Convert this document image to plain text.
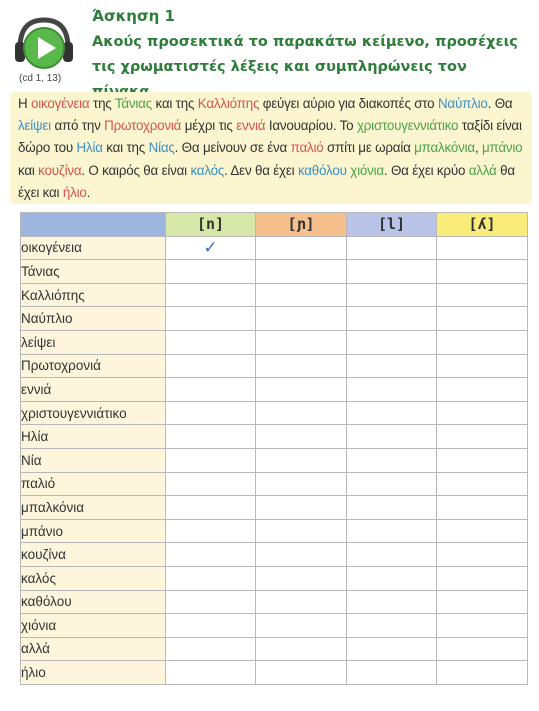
(cd 1, 13)
Άσκηση 1
Ακούς προσεκτικά το παρακάτω κείμενο, προσέχεις
τις χρωματιστές λέξεις και συμπληρώνεις τον
Η οικογένεια της Τάνιας και της Καλλιόπης φεύγει αύριο για διακοπές στο Ναύπλιο. Θα λείψει από την Πρωτοχρονιά μέχρι τις εννιά Ιανουαρίου. Το χριστουγεννιάτικο ταξίδι είναι δώρο του Ηλία και της Νίας. Θα μείνουν σε ένα παλιό σπίτι με ωραία μπαλκόνια, μπάνιο και κουζίνα. Ο καιρός θα είναι καλός. Δεν θα έχει καθόλου χιόνια. Θα έχει κρύο αλλά θα έχει και ήλιο.
	[n]	[ɲ]	[l]	[ʎ]
οικογένεια	✓			
Τάνιας				
Καλλιόπης				
Ναύπλιο				
λείψει				
Πρωτοχρονιά				
εννιά				
χριστουγεννιάτικο				
Ηλία				
Νία				
παλιό				
μπαλκόνια				
μπάνιο				
κουζίνα				
καλός				
καθόλου				
χιόνια				
αλλά				
ήλιο				
